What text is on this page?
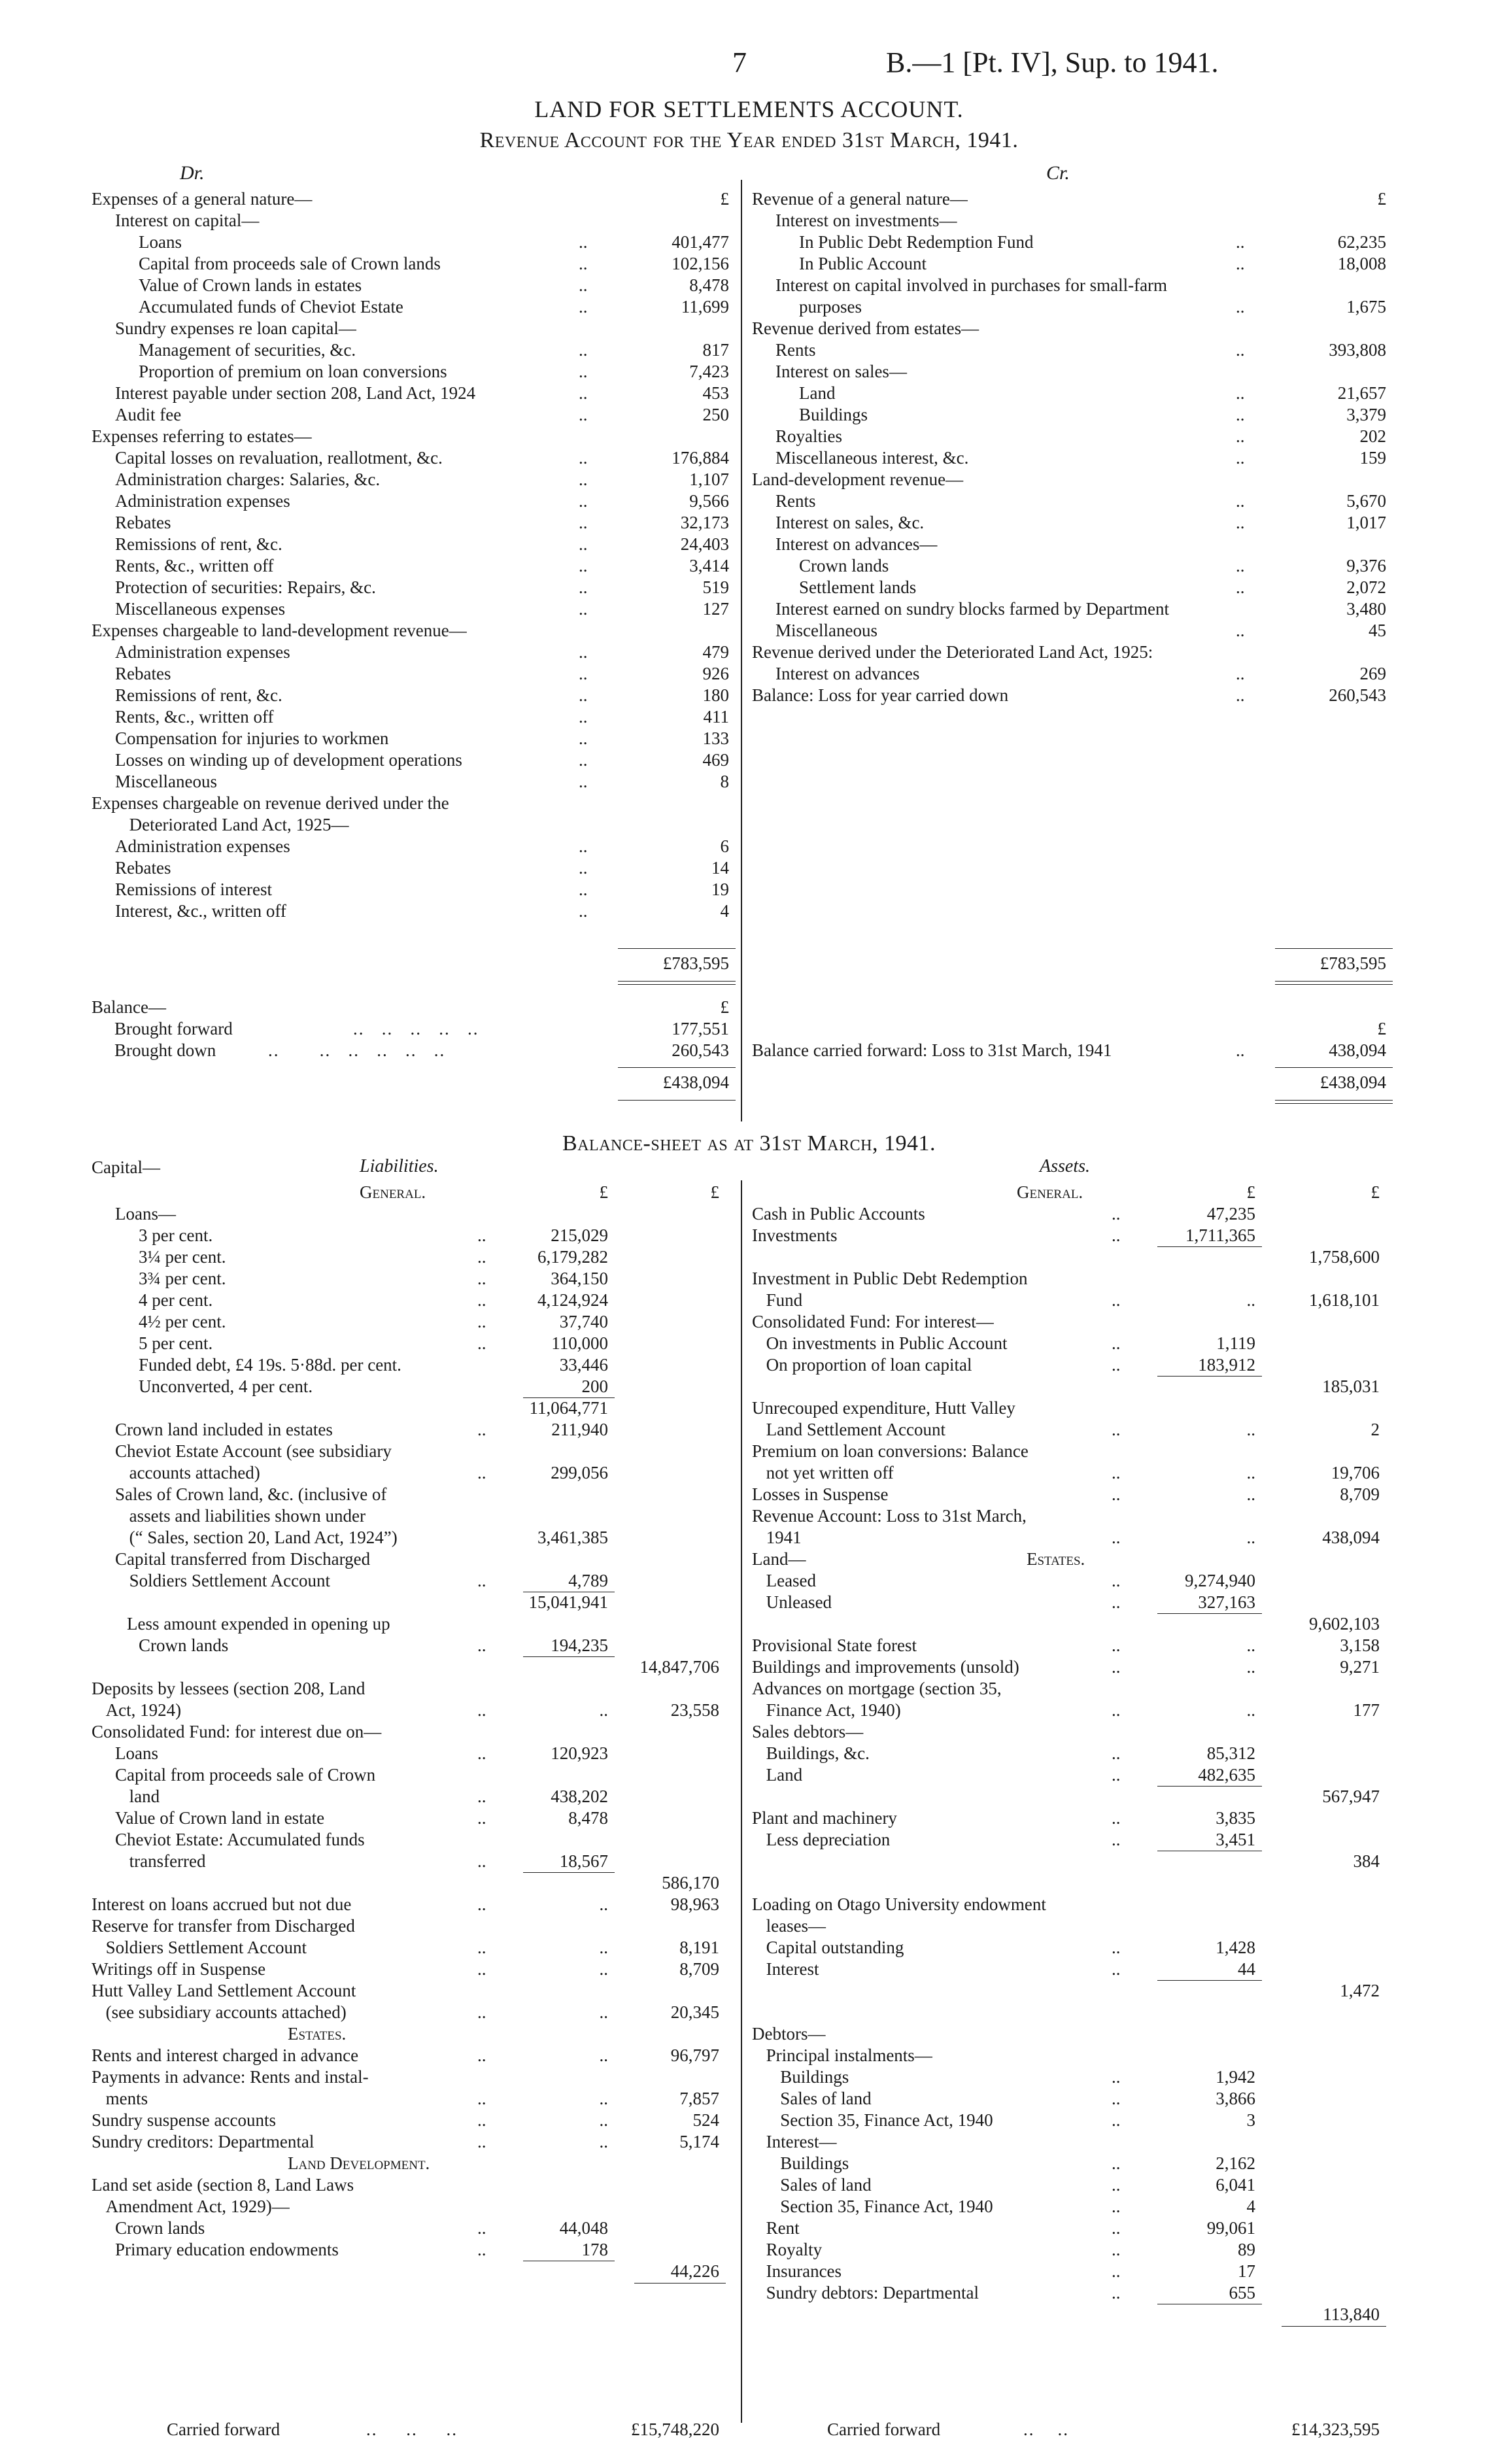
7	B.—1 [Pt. IV], Sup. to 1941.
LAND FOR SETTLEMENTS ACCOUNT.
Revenue Account for the Year ended 31st March, 1941.
Dr.	Cr.
Expenses of a general nature—	£
Interest on capital—
Loans	..	401,477
Capital from proceeds sale of Crown lands	..	102,156
Value of Crown lands in estates	..	8,478
Accumulated funds of Cheviot Estate	..	11,699
Sundry expenses re loan capital—
Management of securities, &c.	..	817
Proportion of premium on loan conversions	..	7,423
Interest payable under section 208, Land Act, 1924	..	453
Audit fee	..	250
Expenses referring to estates—
Capital losses on revaluation, reallotment, &c.	..	176,884
Administration charges: Salaries, &c.	..	1,107
Administration expenses	..	9,566
Rebates	..	32,173
Remissions of rent, &c.	..	24,403
Rents, &c., written off	..	3,414
Protection of securities: Repairs, &c.	..	519
Miscellaneous expenses	..	127
Expenses chargeable to land-development revenue—
Administration expenses	..	479
Rebates	..	926
Remissions of rent, &c.	..	180
Rents, &c., written off	..	411
Compensation for injuries to workmen	..	133
Losses on winding up of development operations	..	469
Miscellaneous	..	8
Expenses chargeable on revenue derived under the
Deteriorated Land Act, 1925—
Administration expenses	..	6
Rebates	..	14
Remissions of interest	..	19
Interest, &c., written off	..	4
Revenue of a general nature—	£
Interest on investments—
In Public Debt Redemption Fund	..	62,235
In Public Account	..	18,008
Interest on capital involved in purchases for small-farm
purposes	..	1,675
Revenue derived from estates—
Rents	..	393,808
Interest on sales—
Land	..	21,657
Buildings	..	3,379
Royalties	..	202
Miscellaneous interest, &c.	..	159
Land-development revenue—
Rents	..	5,670
Interest on sales, &c.	..	1,017
Interest on advances—
Crown lands	..	9,376
Settlement lands	..	2,072
Interest earned on sundry blocks farmed by Department	3,480
Miscellaneous	..	45
Revenue derived under the Deteriorated Land Act, 1925:
Interest on advances	..	269
Balance: Loss for year carried down	..	260,543
£783,595	£783,595
Balance—	£
Brought forward	..   ..   ..   ..   ..	177,551
Brought down	..       ..   ..   ..   ..   ..	260,543
£438,094
£
Balance carried forward: Loss to 31st March, 1941	..	438,094
£438,094
Balance-sheet as at 31st March, 1941.
Capital—	Liabilities.	Assets.
General.	General.
£	£	£	£
Loans—
3 per cent.	..	215,029
3¼ per cent.	..	6,179,282
3¾ per cent.	..	364,150
4 per cent.	..	4,124,924
4½ per cent.	..	37,740
5 per cent.	..	110,000
Funded debt, £4 19s. 5·88d. per cent.	33,446
Unconverted, 4 per cent.	200
11,064,771
Crown land included in estates	..	211,940
Cheviot Estate Account (see subsidiary
accounts attached)	..	299,056
Sales of Crown land, &c. (inclusive of
assets and liabilities shown under
(“ Sales, section 20, Land Act, 1924”)	3,461,385
Capital transferred from Discharged
Soldiers Settlement Account	..	4,789
15,041,941
Less amount expended in opening up
Crown lands	..	194,235
14,847,706
Deposits by lessees (section 208, Land
Act, 1924)	..	..	23,558
Consolidated Fund: for interest due on—
Loans	..	120,923
Capital from proceeds sale of Crown
land	..	438,202
Value of Crown land in estate	..	8,478
Cheviot Estate: Accumulated funds
transferred	..	18,567
586,170
Interest on loans accrued but not due	..	..	98,963
Reserve for transfer from Discharged
Soldiers Settlement Account	..	..	8,191
Writings off in Suspense	..	..	8,709
Hutt Valley Land Settlement Account
(see subsidiary accounts attached)	..	..	20,345
Estates.
Rents and interest charged in advance	..	..	96,797
Payments in advance: Rents and instal-
ments	..	..	7,857
Sundry suspense accounts	..	..	524
Sundry creditors: Departmental	..	..	5,174
Land Development.
Land set aside (section 8, Land Laws
Amendment Act, 1929)—
Crown lands	..	44,048
Primary education endowments	..	178
44,226
Cash in Public Accounts	..	47,235
Investments	..	1,711,365
1,758,600
Investment in Public Debt Redemption
Fund	..	..	1,618,101
Consolidated Fund: For interest—
On investments in Public Account	..	1,119
On proportion of loan capital	..	183,912
185,031
Unrecouped expenditure, Hutt Valley
Land Settlement Account	..	..	2
Premium on loan conversions: Balance
not yet written off	..	..	19,706
Losses in Suspense	..	..	8,709
Revenue Account: Loss to 31st March,
1941	..	..	438,094
Land—	Estates.
Leased	..	9,274,940
Unleased	..	327,163
9,602,103
Provisional State forest	..	..	3,158
Buildings and improvements (unsold)	..	..	9,271
Advances on mortgage (section 35,
Finance Act, 1940)	..	..	177
Sales debtors—
Buildings, &c.	..	85,312
Land	..	482,635
567,947
Plant and machinery	..	3,835
Less depreciation	..	3,451
384
Loading on Otago University endowment
leases—
Capital outstanding	..	1,428
Interest	..	44
1,472
Debtors—
Principal instalments—
Buildings	..	1,942
Sales of land	..	3,866
Section 35, Finance Act, 1940	..	3
Interest—
Buildings	..	2,162
Sales of land	..	6,041
Section 35, Finance Act, 1940	..	4
Rent	..	99,061
Royalty	..	89
Insurances	..	17
Sundry debtors: Departmental	..	655
113,840
Carried forward	..     ..     ..	£15,748,220	Carried forward	..    ..	£14,323,595
